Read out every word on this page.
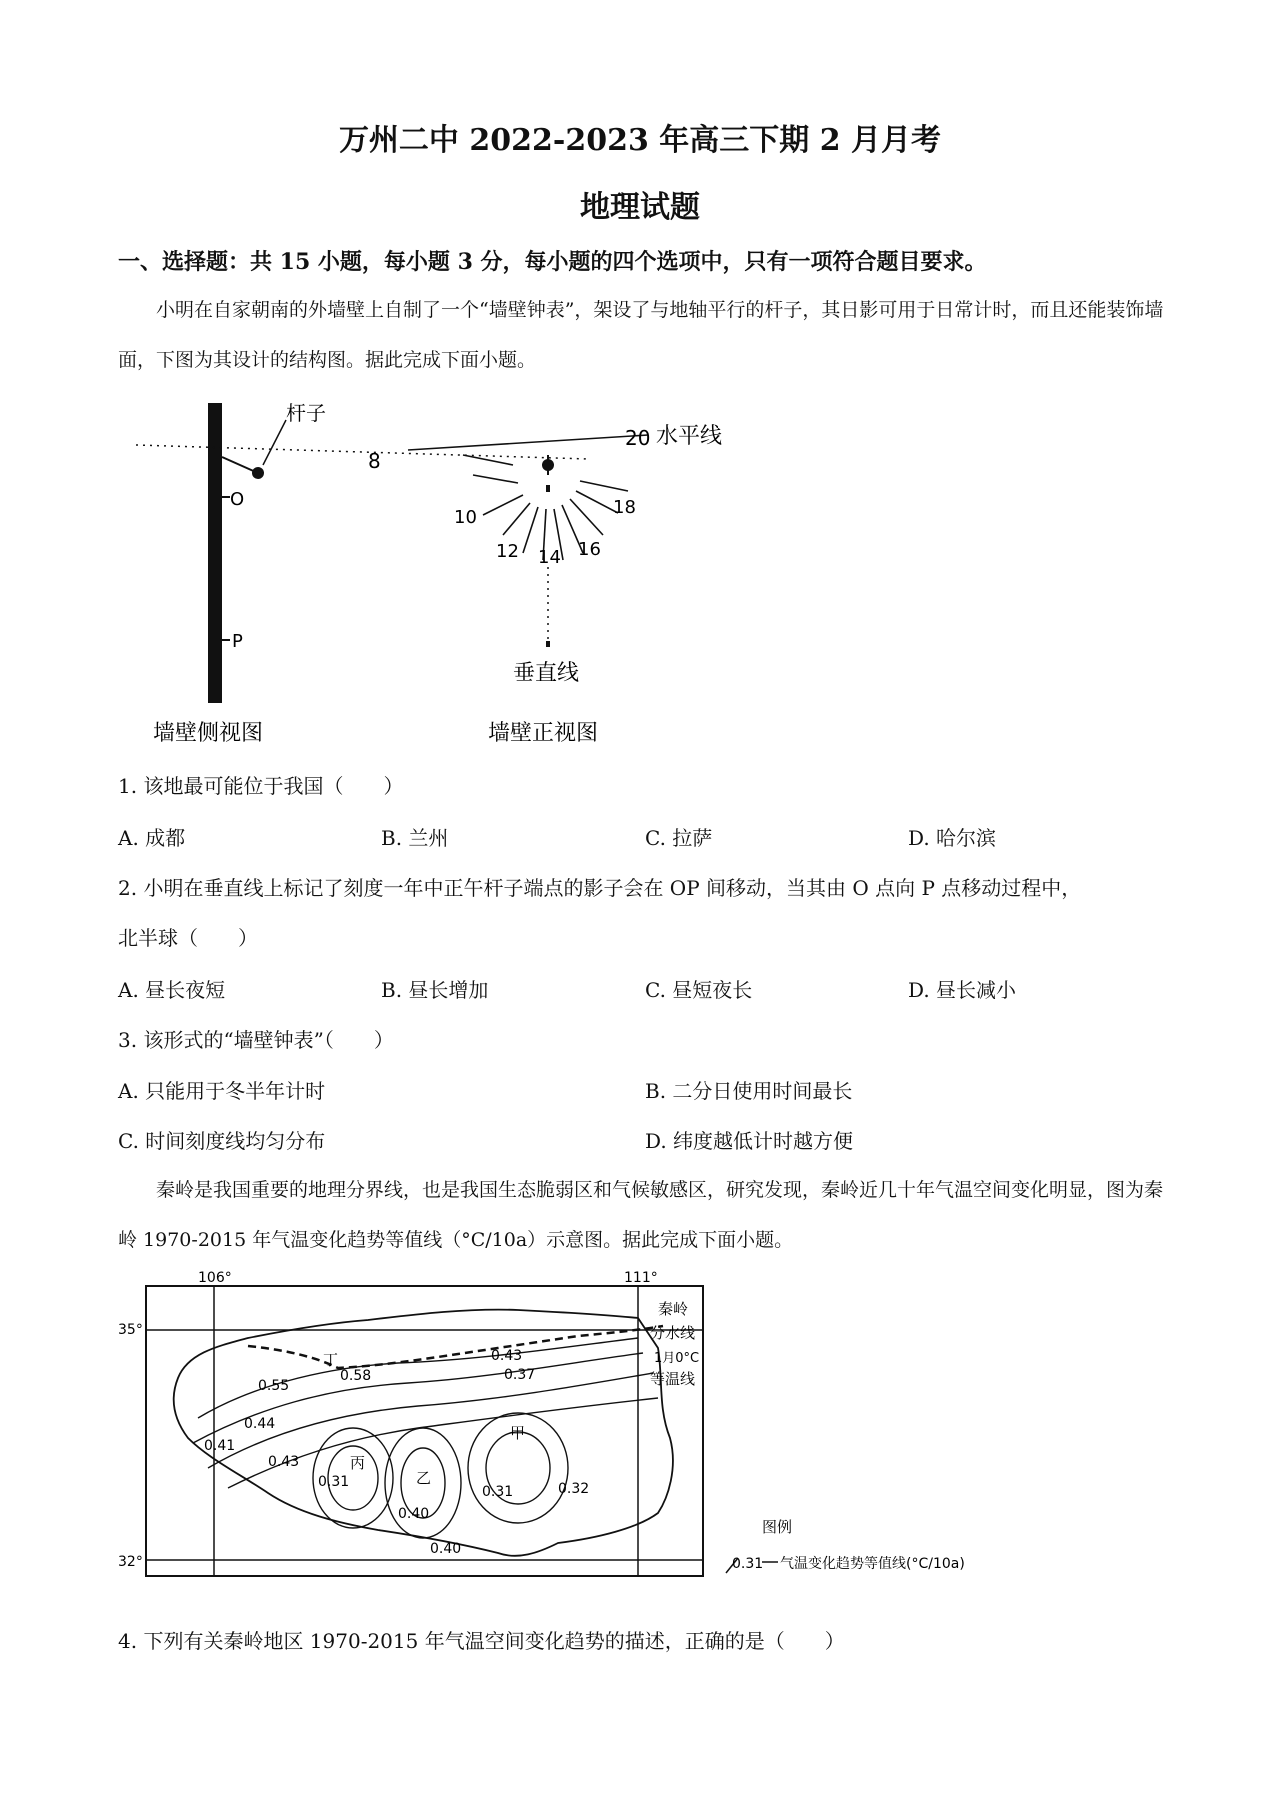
万州二中 2022-2023 年高三下期 2 月月考
地理试题
一、选择题：共 15 小题，每小题 3 分，每小题的四个选项中，只有一项符合题目要求。

小明在自家朝南的外墙壁上自制了一个“墙壁钟表”，架设了与地轴平行的杆子，其日影可用于日常计时，而且还能装饰墙面，下图为其设计的结构图。据此完成下面小题。

杆子
O
P
墙壁侧视图
水平线
8
10
12 14 16
18
20
垂直线
墙壁正视图
1. 该地最可能位于我国（　　）
A. 成都	B. 兰州	C. 拉萨	D. 哈尔滨
2. 小明在垂直线上标记了刻度一年中正午杆子端点的影子会在 OP 间移动，当其由 O 点向 P 点移动过程中，
北半球（　　）
A. 昼长夜短	B. 昼长增加	C. 昼短夜长	D. 昼长减小
3. 该形式的“墙壁钟表”（　　）
A. 只能用于冬半年计时	B. 二分日使用时间最长
C. 时间刻度线均匀分布	D. 纬度越低计时越方便

秦岭是我国重要的地理分界线，也是我国生态脆弱区和气候敏感区，研究发现，秦岭近几十年气温空间变化明显，图为秦岭 1970-2015 年气温变化趋势等值线（°C/10a）示意图。据此完成下面小题。

106°	111°
35°
32°
丁
甲
丙
乙
0.58
0.55
0.44
0.41
0.43
0.31
0.40
0.40
0.31	0.32
0.43
0.37
秦岭
分水线
1月0°C
等温线
图例
0.31 气温变化趋势等值线(°C/10a)
4. 下列有关秦岭地区 1970-2015 年气温空间变化趋势的描述，正确的是（　　）
